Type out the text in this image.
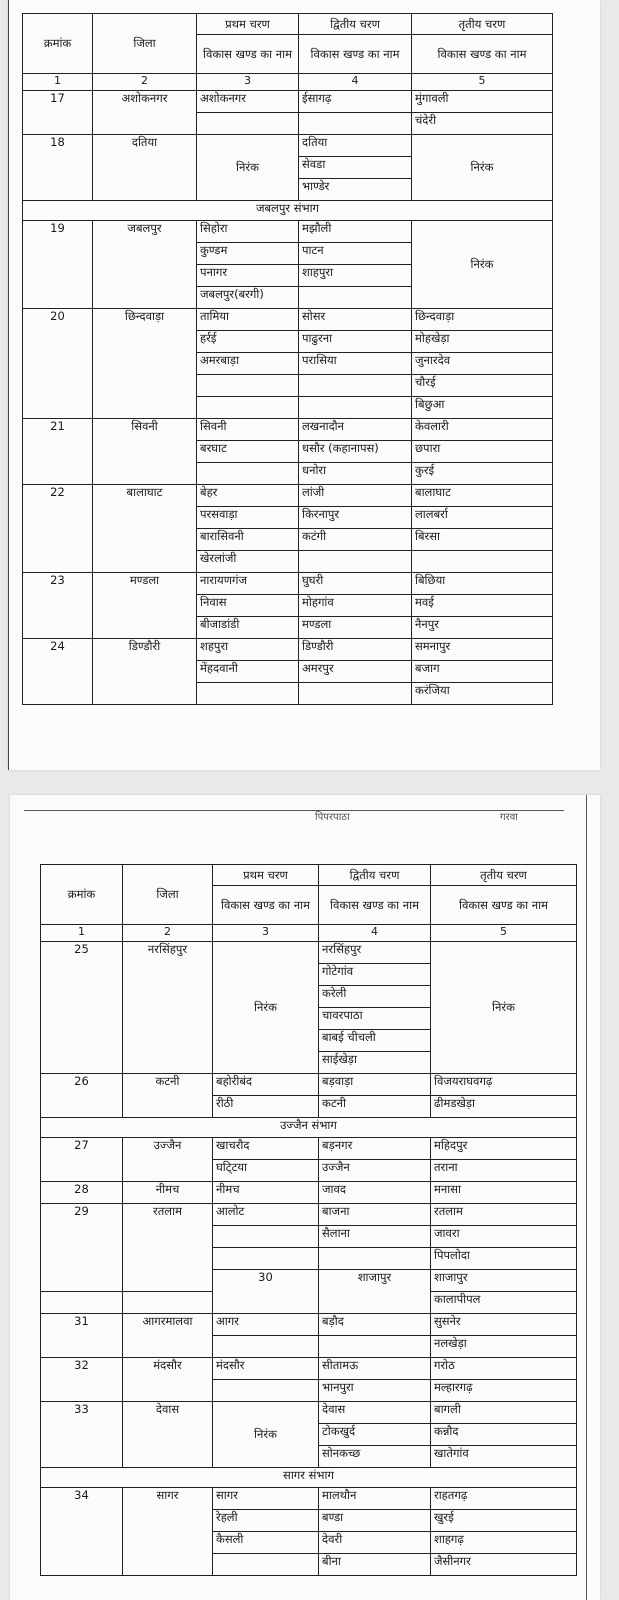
क्रमांक	जिला	प्रथम चरण	द्वितीय चरण	तृतीय चरण
		विकास खण्ड का नाम	विकास खण्ड का नाम	विकास खण्ड का नाम
1	2	3	4	5
17	अशोकनगर	अशोकनगर	ईसागढ़	मुंगावली
				चंदेरी
18	दतिया	निरंक	दतिया	निरंक
			सेवडा	
			भाण्डेर	
जबलपुर संभाग				
19	जबलपुर	सिहोरा	मझौली	निरंक
		कुण्डम	पाटन	
		पनागर	शाहपुरा	
		जबलपुर(बरगी)		
20	छिन्दवाड़ा	तामिया	सोसर	छिन्दवाड़ा
		हर्रई	पाढुरना	मोहखेड़ा
		अमरबाड़ा	परासिया	जुनारदेव
				चौरई
				बिछुआ
21	सिवनी	सिवनी	लखनादौन	केवलारी
		बरघाट	धसौर (कहानापस)	छपारा
			धनोरा	कुरई
22	बालाघाट	बेहर	लांजी	बालाघाट
		परसवाड़ा	किरनापुर	लालबर्रा
		बारासिवनी	कटंगी	बिरसा
		खेरलांजी		
23	मण्डला	नारायणगंज	घुघरी	बिछिया
		निवास	मोहगांव	मवई
		बीजाडांडी	मण्डला	नैनपुर
24	डिण्डौरी	शहपुरा	डिण्डौरी	समनापुर
		मेंहदवानी	अमरपुर	बजाग
				करंजिया
पिपरपाठा	गरवा
क्रमांक	जिला	प्रथम चरण	द्वितीय चरण	तृतीय चरण	
		विकास खण्ड का नाम	विकास खण्ड का नाम	विकास खण्ड का नाम	
1	2	3	4	5	
25	नरसिंहपुर	निरंक	नरसिंहपुर	निरंक	
			गोटेगांव		
			करेली		
			चावरपाठा		
			बाबई चीचली		
			साईखेड़ा		
26	कटनी	बहोरीबंद	बड़वाड़ा	विजयराघवगढ़	
		रीठी	कटनी	ढीमडखेड़ा	
उज्जैन संभाग					
27	उज्जैन	खाचरौद	बड़नगर	महिदपुर	
		घटि्टया	उज्जैन	तराना	
28	नीमच	नीमच	जावद	मनासा	
29	रतलाम	आलोट	बाजना	रतलाम	
			सैलाना	जावरा	
				पिपलोदा	
		30	शाजापुर	शाजापुर		
				कालापीपल	
31	आगरमालवा	आगर	बड़ौद	सुसनेर	
				नलखेड़ा	
32	मंदसौर	मंदसौर	सीतामऊ	गरोठ	
			भानपुरा	मल्हारगढ़	
33	देवास	निरंक	देवास	बागली	
			टोकखुर्द	कन्नौद	
			सोनकच्छ	खातेगांव	
सागर संभाग					
34	सागर	सागर	मालथौन	राहतगढ़	
		रेहली	बण्डा	खुरई	
		कैसली	देवरी	शाहगढ़	
			बीना	जैसीनगर	
